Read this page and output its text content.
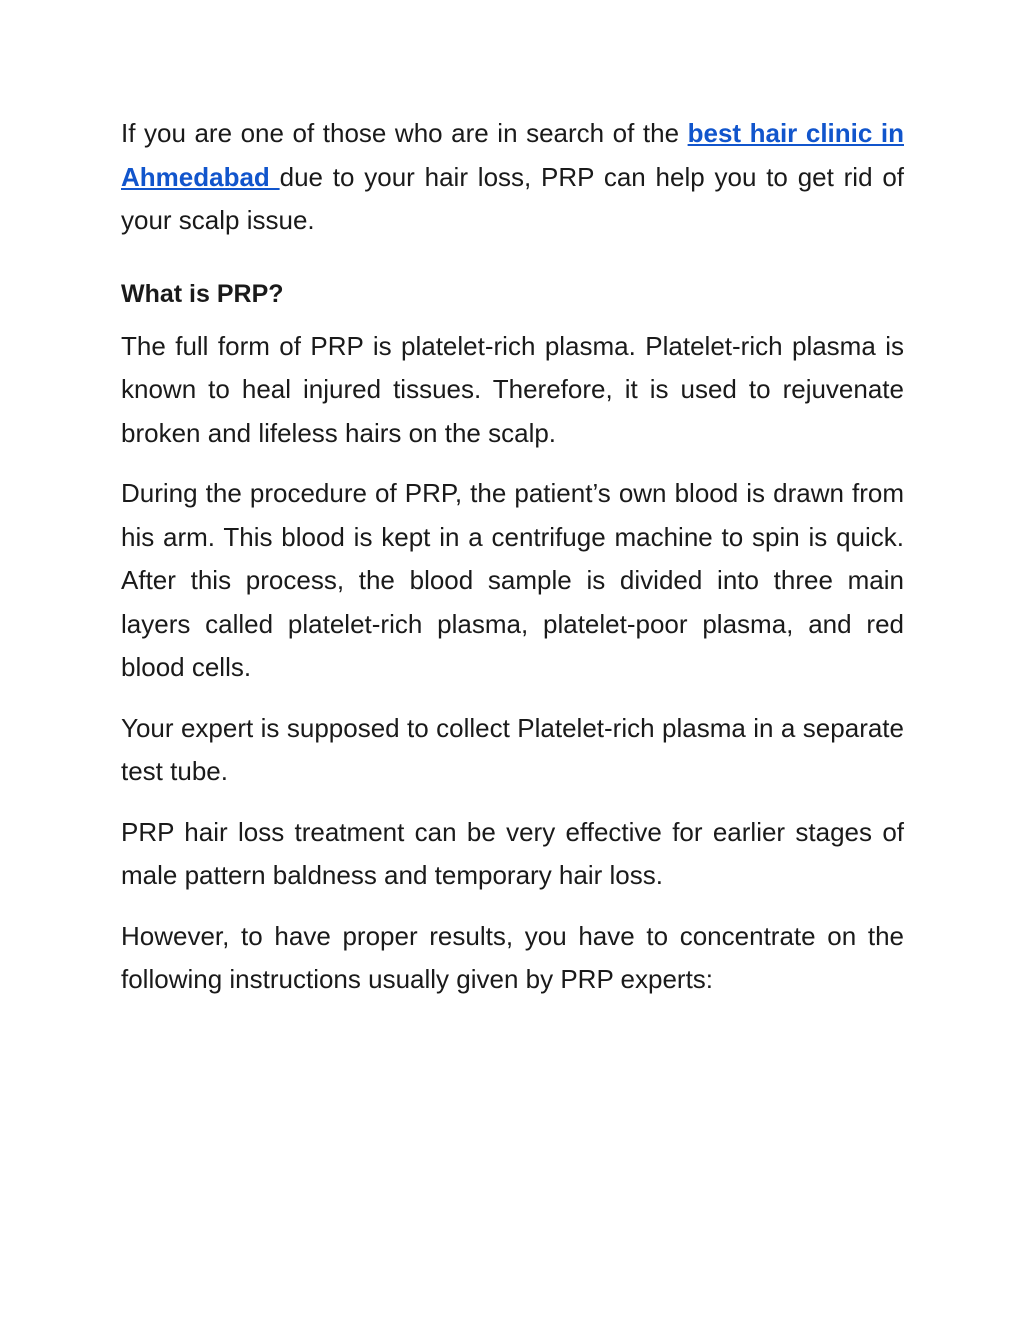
If you are one of those who are in search of the best hair clinic in Ahmedabad due to your hair loss, PRP can help you to get rid of your scalp issue.

What is PRP?

The full form of PRP is platelet-rich plasma. Platelet-rich plasma is known to heal injured tissues. Therefore, it is used to rejuvenate broken and lifeless hairs on the scalp.

During the procedure of PRP, the patient’s own blood is drawn from his arm. This blood is kept in a centrifuge machine to spin is quick. After this process, the blood sample is divided into three main layers called platelet-rich plasma, platelet-poor plasma, and red blood cells.

Your expert is supposed to collect Platelet-rich plasma in a separate test tube.

PRP hair loss treatment can be very effective for earlier stages of male pattern baldness and temporary hair loss.

However, to have proper results, you have to concentrate on the following instructions usually given by PRP experts:
